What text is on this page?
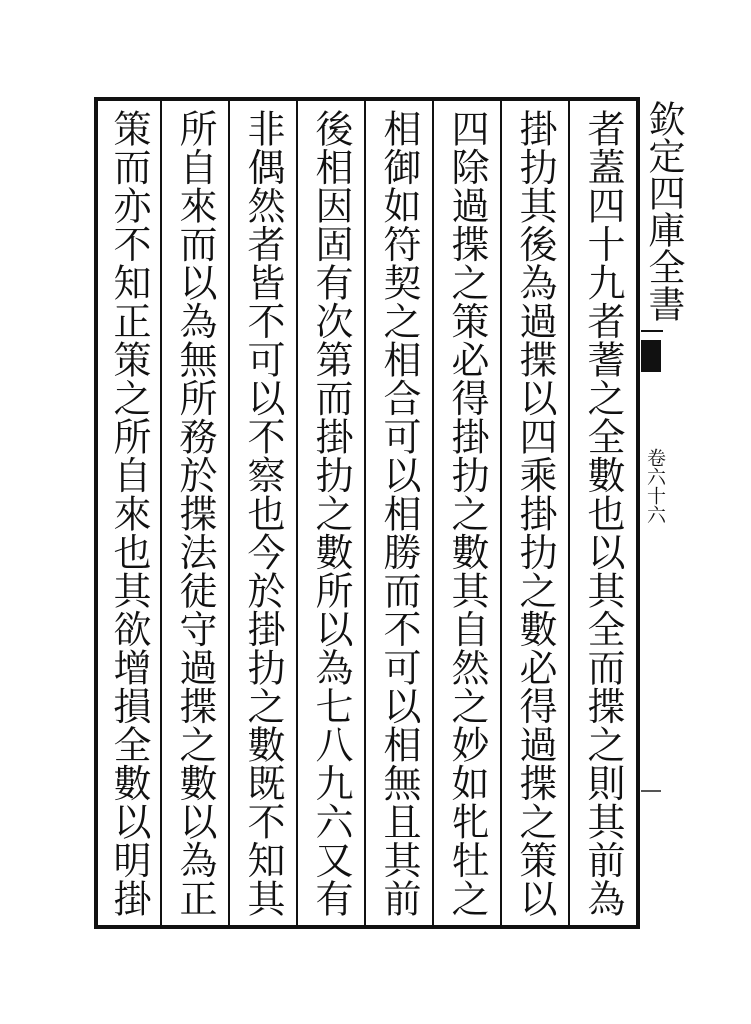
者蓋四十九者蓍之全數也以其全而揲之則其前為
掛扐其後為過揲以四乘掛扐之數必得過揲之策以
四除過揲之策必得掛扐之數其自然之妙如牝牡之
相御如符契之相合可以相勝而不可以相無且其前
後相因固有次第而掛扐之數所以為七八九六又有
非偶然者皆不可以不察也今於掛扐之數既不知其
所自來而以為無所務於揲法徒守過揲之數以為正
策而亦不知正策之所自來也其欲增損全數以明掛	欽定四庫全書
卷六十六
